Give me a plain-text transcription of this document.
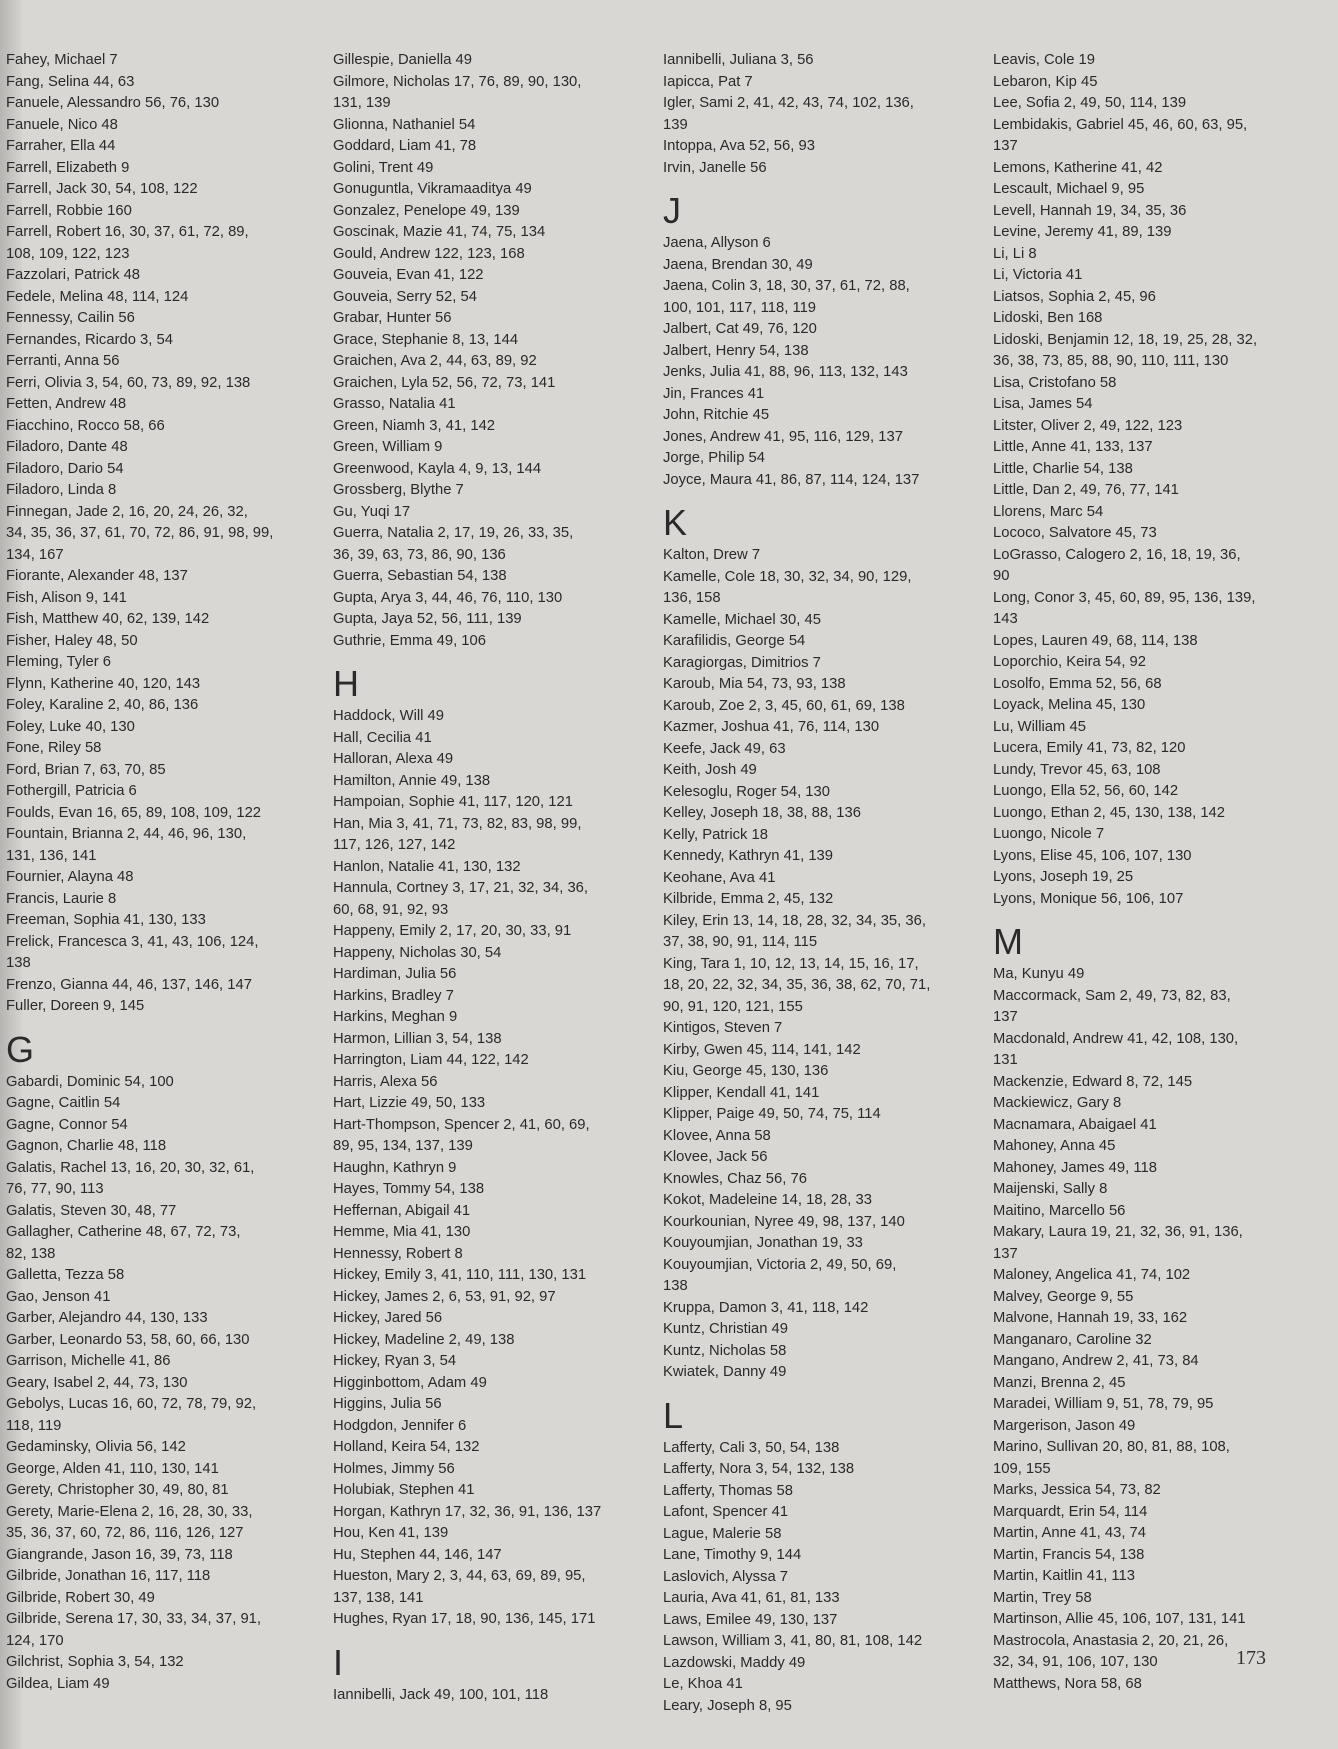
Fahey, Michael 7
Fang, Selina 44, 63
Fanuele, Alessandro 56, 76, 130
Fanuele, Nico 48
Farraher, Ella 44
Farrell, Elizabeth 9
Farrell, Jack 30, 54, 108, 122
Farrell, Robbie 160
Farrell, Robert 16, 30, 37, 61, 72, 89,
108, 109, 122, 123
Fazzolari, Patrick 48
Fedele, Melina 48, 114, 124
Fennessy, Cailin 56
Fernandes, Ricardo 3, 54
Ferranti, Anna 56
Ferri, Olivia 3, 54, 60, 73, 89, 92, 138
Fetten, Andrew 48
Fiacchino, Rocco 58, 66
Filadoro, Dante 48
Filadoro, Dario 54
Filadoro, Linda 8
Finnegan, Jade 2, 16, 20, 24, 26, 32,
34, 35, 36, 37, 61, 70, 72, 86, 91, 98, 99,
134, 167
Fiorante, Alexander 48, 137
Fish, Alison 9, 141
Fish, Matthew 40, 62, 139, 142
Fisher, Haley 48, 50
Fleming, Tyler 6
Flynn, Katherine 40, 120, 143
Foley, Karaline 2, 40, 86, 136
Foley, Luke 40, 130
Fone, Riley 58
Ford, Brian 7, 63, 70, 85
Fothergill, Patricia 6
Foulds, Evan 16, 65, 89, 108, 109, 122
Fountain, Brianna 2, 44, 46, 96, 130,
131, 136, 141
Fournier, Alayna 48
Francis, Laurie 8
Freeman, Sophia 41, 130, 133
Frelick, Francesca 3, 41, 43, 106, 124,
138
Frenzo, Gianna 44, 46, 137, 146, 147
Fuller, Doreen 9, 145
G
Gabardi, Dominic 54, 100
Gagne, Caitlin 54
Gagne, Connor 54
Gagnon, Charlie 48, 118
Galatis, Rachel 13, 16, 20, 30, 32, 61,
76, 77, 90, 113
Galatis, Steven 30, 48, 77
Gallagher, Catherine 48, 67, 72, 73,
82, 138
Galletta, Tezza 58
Gao, Jenson 41
Garber, Alejandro 44, 130, 133
Garber, Leonardo 53, 58, 60, 66, 130
Garrison, Michelle 41, 86
Geary, Isabel 2, 44, 73, 130
Gebolys, Lucas 16, 60, 72, 78, 79, 92,
118, 119
Gedaminsky, Olivia 56, 142
George, Alden 41, 110, 130, 141
Gerety, Christopher 30, 49, 80, 81
Gerety, Marie-Elena 2, 16, 28, 30, 33,
35, 36, 37, 60, 72, 86, 116, 126, 127
Giangrande, Jason 16, 39, 73, 118
Gilbride, Jonathan 16, 117, 118
Gilbride, Robert 30, 49
Gilbride, Serena 17, 30, 33, 34, 37, 91,
124, 170
Gilchrist, Sophia 3, 54, 132
Gildea, Liam 49
Gillespie, Daniella 49
Gilmore, Nicholas 17, 76, 89, 90, 130,
131, 139
Glionna, Nathaniel 54
Goddard, Liam 41, 78
Golini, Trent 49
Gonuguntla, Vikramaaditya 49
Gonzalez, Penelope 49, 139
Goscinak, Mazie 41, 74, 75, 134
Gould, Andrew 122, 123, 168
Gouveia, Evan 41, 122
Gouveia, Serry 52, 54
Grabar, Hunter 56
Grace, Stephanie 8, 13, 144
Graichen, Ava 2, 44, 63, 89, 92
Graichen, Lyla 52, 56, 72, 73, 141
Grasso, Natalia 41
Green, Niamh 3, 41, 142
Green, William 9
Greenwood, Kayla 4, 9, 13, 144
Grossberg, Blythe 7
Gu, Yuqi 17
Guerra, Natalia 2, 17, 19, 26, 33, 35,
36, 39, 63, 73, 86, 90, 136
Guerra, Sebastian 54, 138
Gupta, Arya 3, 44, 46, 76, 110, 130
Gupta, Jaya 52, 56, 111, 139
Guthrie, Emma 49, 106
H
Haddock, Will 49
Hall, Cecilia 41
Halloran, Alexa 49
Hamilton, Annie 49, 138
Hampoian, Sophie 41, 117, 120, 121
Han, Mia 3, 41, 71, 73, 82, 83, 98, 99,
117, 126, 127, 142
Hanlon, Natalie 41, 130, 132
Hannula, Cortney 3, 17, 21, 32, 34, 36,
60, 68, 91, 92, 93
Happeny, Emily 2, 17, 20, 30, 33, 91
Happeny, Nicholas 30, 54
Hardiman, Julia 56
Harkins, Bradley 7
Harkins, Meghan 9
Harmon, Lillian 3, 54, 138
Harrington, Liam 44, 122, 142
Harris, Alexa 56
Hart, Lizzie 49, 50, 133
Hart-Thompson, Spencer 2, 41, 60, 69,
89, 95, 134, 137, 139
Haughn, Kathryn 9
Hayes, Tommy 54, 138
Heffernan, Abigail 41
Hemme, Mia 41, 130
Hennessy, Robert 8
Hickey, Emily 3, 41, 110, 111, 130, 131
Hickey, James 2, 6, 53, 91, 92, 97
Hickey, Jared 56
Hickey, Madeline 2, 49, 138
Hickey, Ryan 3, 54
Higginbottom, Adam 49
Higgins, Julia 56
Hodgdon, Jennifer 6
Holland, Keira 54, 132
Holmes, Jimmy 56
Holubiak, Stephen 41
Horgan, Kathryn 17, 32, 36, 91, 136, 137
Hou, Ken 41, 139
Hu, Stephen 44, 146, 147
Hueston, Mary 2, 3, 44, 63, 69, 89, 95,
137, 138, 141
Hughes, Ryan 17, 18, 90, 136, 145, 171
I
Iannibelli, Jack 49, 100, 101, 118
Iannibelli, Juliana 3, 56
Iapicca, Pat 7
Igler, Sami 2, 41, 42, 43, 74, 102, 136,
139
Intoppa, Ava 52, 56, 93
Irvin, Janelle 56
J
Jaena, Allyson 6
Jaena, Brendan 30, 49
Jaena, Colin 3, 18, 30, 37, 61, 72, 88,
100, 101, 117, 118, 119
Jalbert, Cat 49, 76, 120
Jalbert, Henry 54, 138
Jenks, Julia 41, 88, 96, 113, 132, 143
Jin, Frances 41
John, Ritchie 45
Jones, Andrew 41, 95, 116, 129, 137
Jorge, Philip 54
Joyce, Maura 41, 86, 87, 114, 124, 137
K
Kalton, Drew 7
Kamelle, Cole 18, 30, 32, 34, 90, 129,
136, 158
Kamelle, Michael 30, 45
Karafilidis, George 54
Karagiorgas, Dimitrios 7
Karoub, Mia 54, 73, 93, 138
Karoub, Zoe 2, 3, 45, 60, 61, 69, 138
Kazmer, Joshua 41, 76, 114, 130
Keefe, Jack 49, 63
Keith, Josh 49
Kelesoglu, Roger 54, 130
Kelley, Joseph 18, 38, 88, 136
Kelly, Patrick 18
Kennedy, Kathryn 41, 139
Keohane, Ava 41
Kilbride, Emma 2, 45, 132
Kiley, Erin 13, 14, 18, 28, 32, 34, 35, 36,
37, 38, 90, 91, 114, 115
King, Tara 1, 10, 12, 13, 14, 15, 16, 17,
18, 20, 22, 32, 34, 35, 36, 38, 62, 70, 71,
90, 91, 120, 121, 155
Kintigos, Steven 7
Kirby, Gwen 45, 114, 141, 142
Kiu, George 45, 130, 136
Klipper, Kendall 41, 141
Klipper, Paige 49, 50, 74, 75, 114
Klovee, Anna 58
Klovee, Jack 56
Knowles, Chaz 56, 76
Kokot, Madeleine 14, 18, 28, 33
Kourkounian, Nyree 49, 98, 137, 140
Kouyoumjian, Jonathan 19, 33
Kouyoumjian, Victoria 2, 49, 50, 69,
138
Kruppa, Damon 3, 41, 118, 142
Kuntz, Christian 49
Kuntz, Nicholas 58
Kwiatek, Danny 49
L
Lafferty, Cali 3, 50, 54, 138
Lafferty, Nora 3, 54, 132, 138
Lafferty, Thomas 58
Lafont, Spencer 41
Lague, Malerie 58
Lane, Timothy 9, 144
Laslovich, Alyssa 7
Lauria, Ava 41, 61, 81, 133
Laws, Emilee 49, 130, 137
Lawson, William 3, 41, 80, 81, 108, 142
Lazdowski, Maddy 49
Le, Khoa 41
Leary, Joseph 8, 95
Leavis, Cole 19
Lebaron, Kip 45
Lee, Sofia 2, 49, 50, 114, 139
Lembidakis, Gabriel 45, 46, 60, 63, 95,
137
Lemons, Katherine 41, 42
Lescault, Michael 9, 95
Levell, Hannah 19, 34, 35, 36
Levine, Jeremy 41, 89, 139
Li, Li 8
Li, Victoria 41
Liatsos, Sophia 2, 45, 96
Lidoski, Ben 168
Lidoski, Benjamin 12, 18, 19, 25, 28, 32,
36, 38, 73, 85, 88, 90, 110, 111, 130
Lisa, Cristofano 58
Lisa, James 54
Litster, Oliver 2, 49, 122, 123
Little, Anne 41, 133, 137
Little, Charlie 54, 138
Little, Dan 2, 49, 76, 77, 141
Llorens, Marc 54
Lococo, Salvatore 45, 73
LoGrasso, Calogero 2, 16, 18, 19, 36,
90
Long, Conor 3, 45, 60, 89, 95, 136, 139,
143
Lopes, Lauren 49, 68, 114, 138
Loporchio, Keira 54, 92
Losolfo, Emma 52, 56, 68
Loyack, Melina 45, 130
Lu, William 45
Lucera, Emily 41, 73, 82, 120
Lundy, Trevor 45, 63, 108
Luongo, Ella 52, 56, 60, 142
Luongo, Ethan 2, 45, 130, 138, 142
Luongo, Nicole 7
Lyons, Elise 45, 106, 107, 130
Lyons, Joseph 19, 25
Lyons, Monique 56, 106, 107
M
Ma, Kunyu 49
Maccormack, Sam 2, 49, 73, 82, 83,
137
Macdonald, Andrew 41, 42, 108, 130,
131
Mackenzie, Edward 8, 72, 145
Mackiewicz, Gary 8
Macnamara, Abaigael 41
Mahoney, Anna 45
Mahoney, James 49, 118
Maijenski, Sally 8
Maitino, Marcello 56
Makary, Laura 19, 21, 32, 36, 91, 136,
137
Maloney, Angelica 41, 74, 102
Malvey, George 9, 55
Malvone, Hannah 19, 33, 162
Manganaro, Caroline 32
Mangano, Andrew 2, 41, 73, 84
Manzi, Brenna 2, 45
Maradei, William 9, 51, 78, 79, 95
Margerison, Jason 49
Marino, Sullivan 20, 80, 81, 88, 108,
109, 155
Marks, Jessica 54, 73, 82
Marquardt, Erin 54, 114
Martin, Anne 41, 43, 74
Martin, Francis 54, 138
Martin, Kaitlin 41, 113
Martin, Trey 58
Martinson, Allie 45, 106, 107, 131, 141
Mastrocola, Anastasia 2, 20, 21, 26,
32, 34, 91, 106, 107, 130
Matthews, Nora 58, 68
173
